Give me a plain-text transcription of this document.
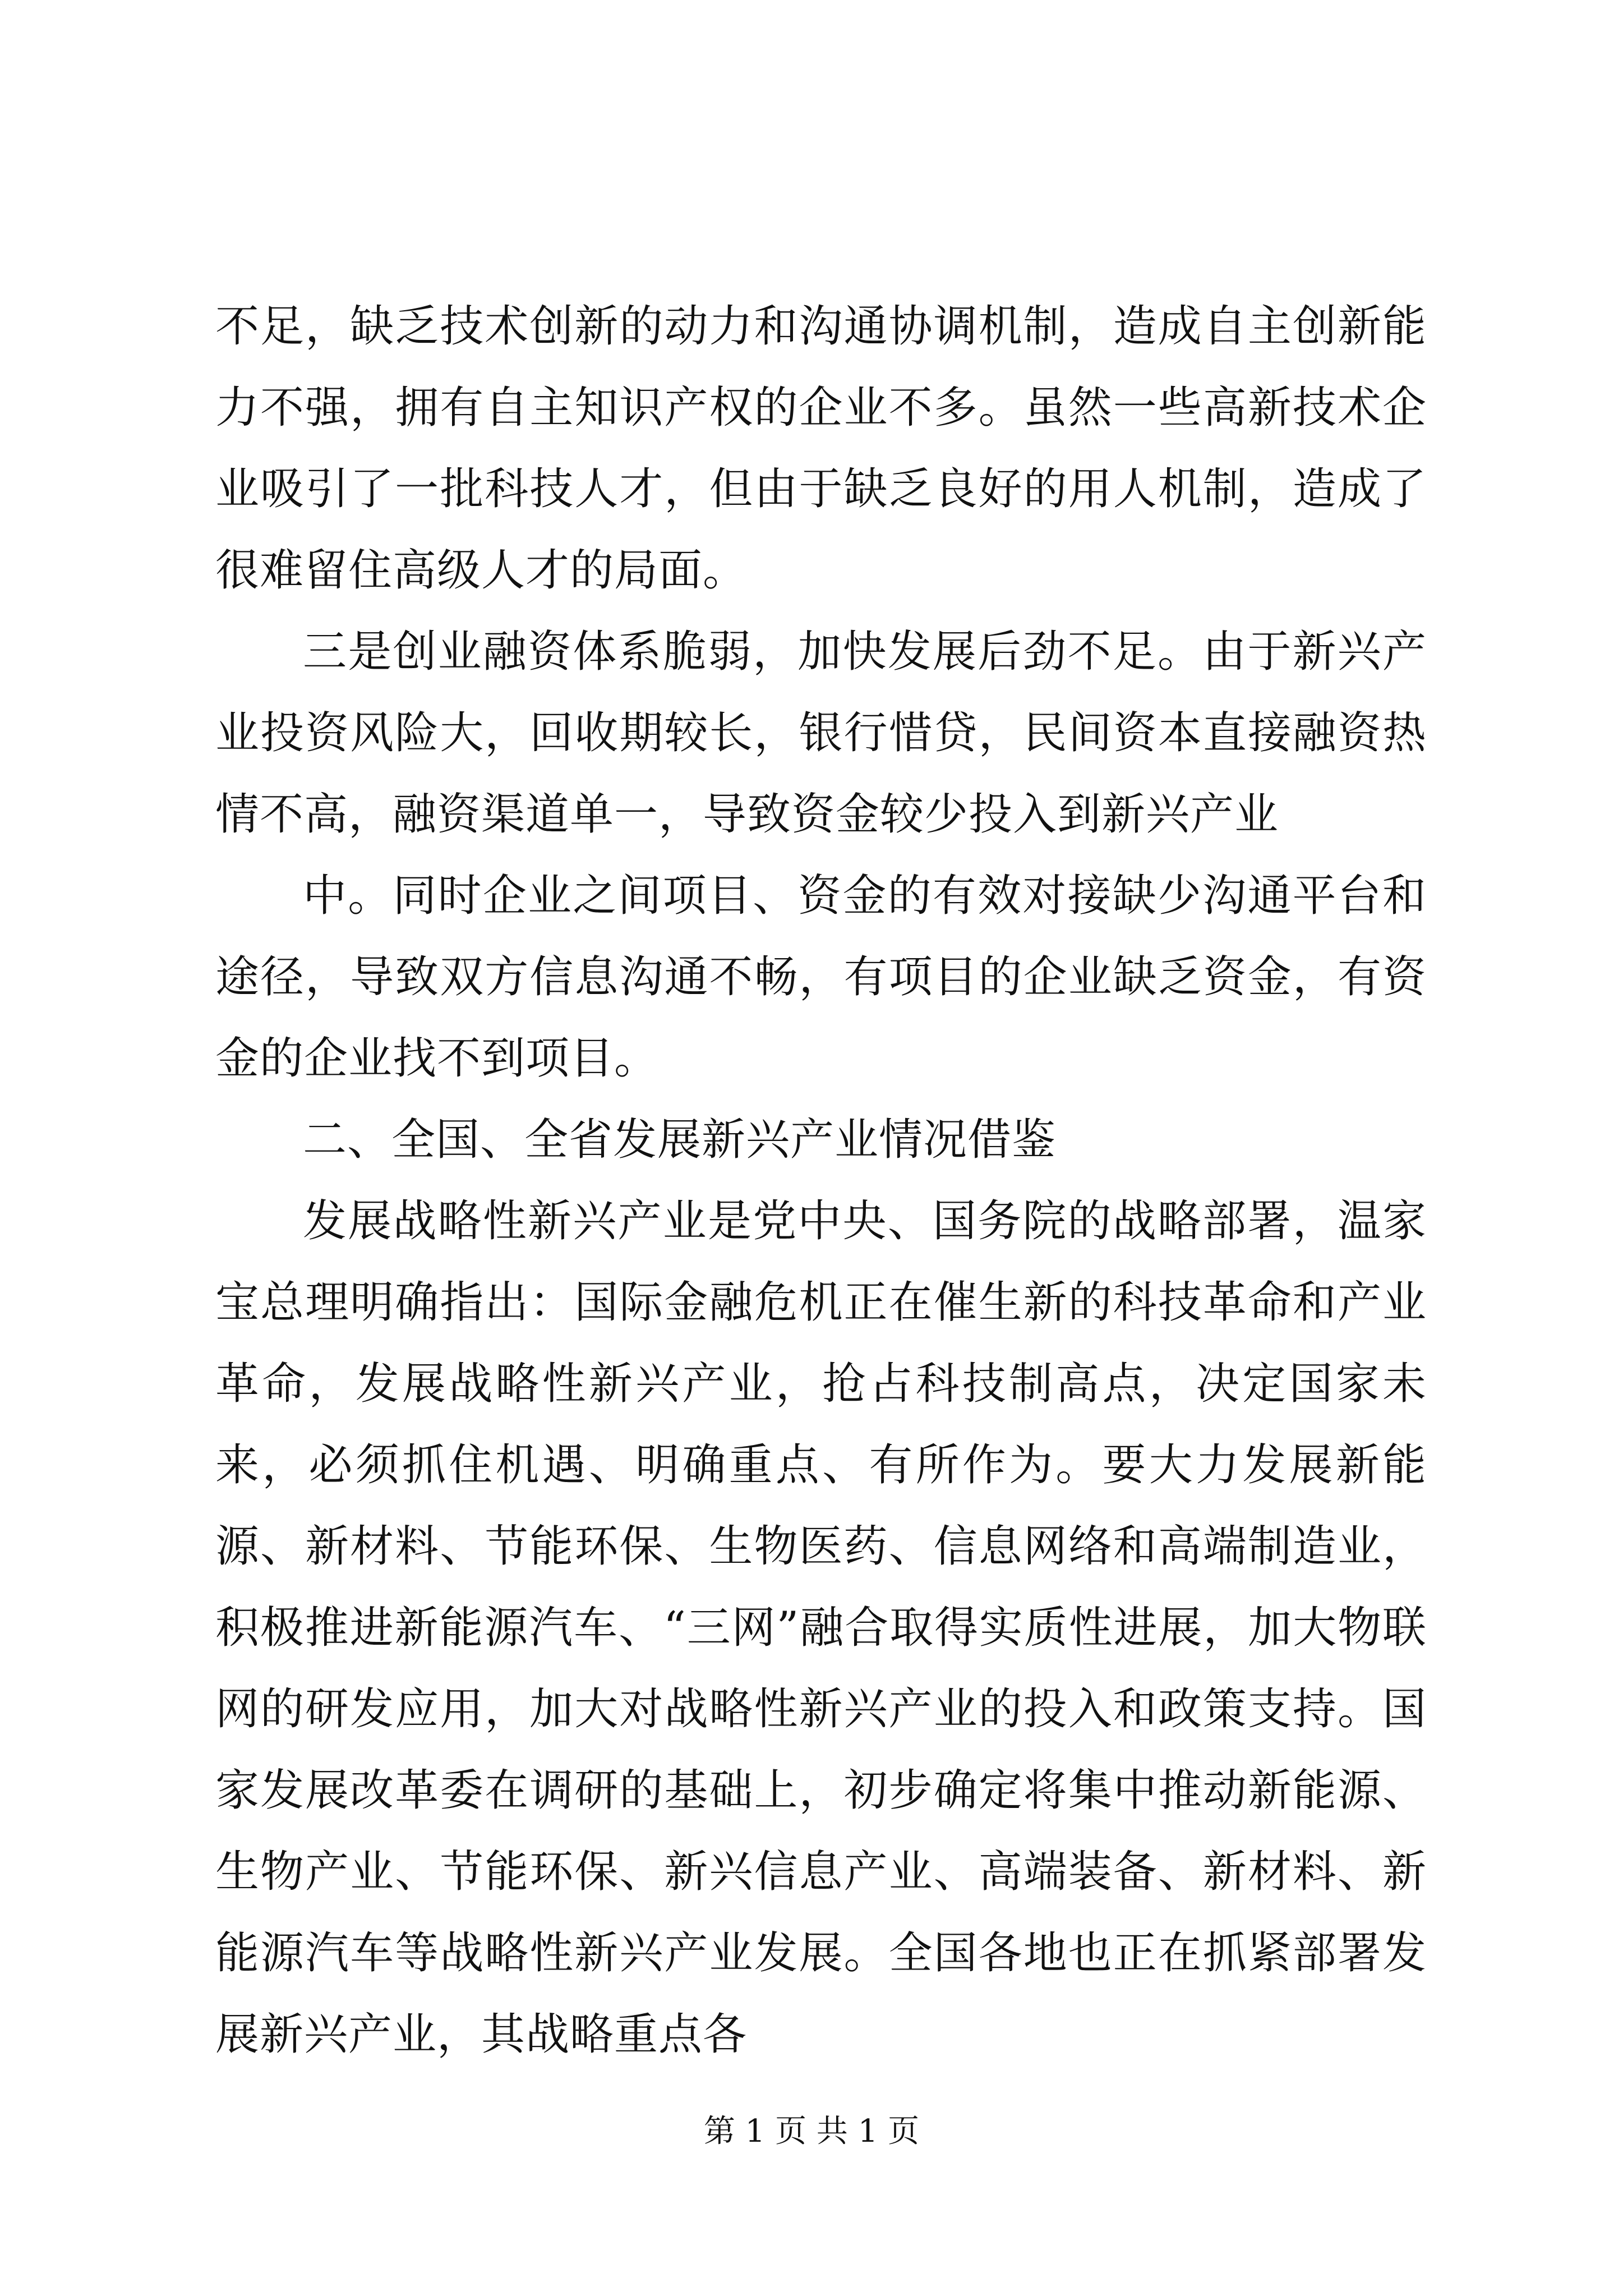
不足，缺乏技术创新的动力和沟通协调机制，造成自主创新能力不强，拥有自主知识产权的企业不多。虽然一些高新技术企业吸引了一批科技人才，但由于缺乏良好的用人机制，造成了很难留住高级人才的局面。

三是创业融资体系脆弱，加快发展后劲不足。由于新兴产业投资风险大，回收期较长，银行惜贷，民间资本直接融资热情不高，融资渠道单一，导致资金较少投入到新兴产业

中。同时企业之间项目、资金的有效对接缺少沟通平台和途径，导致双方信息沟通不畅，有项目的企业缺乏资金，有资金的企业找不到项目。

二、全国、全省发展新兴产业情况借鉴

发展战略性新兴产业是党中央、国务院的战略部署，温家宝总理明确指出：国际金融危机正在催生新的科技革命和产业革命，发展战略性新兴产业，抢占科技制高点，决定国家未来，必须抓住机遇、明确重点、有所作为。要大力发展新能源、新材料、节能环保、生物医药、信息网络和高端制造业，积极推进新能源汽车、“三网”融合取得实质性进展，加大物联网的研发应用，加大对战略性新兴产业的投入和政策支持。国家发展改革委在调研的基础上，初步确定将集中推动新能源、生物产业、节能环保、新兴信息产业、高端装备、新材料、新能源汽车等战略性新兴产业发展。全国各地也正在抓紧部署发展新兴产业，其战略重点各

第 1 页 共 1 页
